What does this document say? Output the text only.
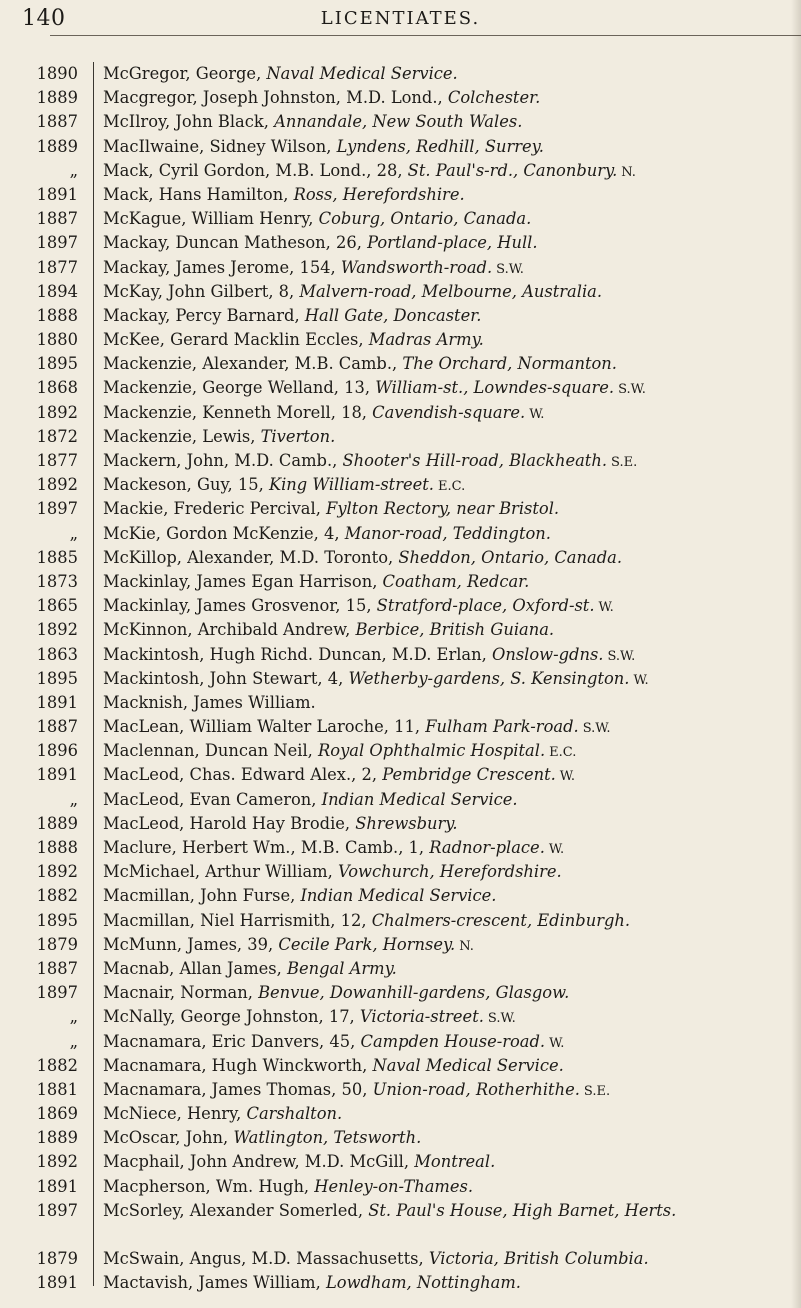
140	LICENTIATES.
1890 McGregor, George, Naval Medical Service.
1889 Macgregor, Joseph Johnston, M.D. Lond., Colchester.
1887 McIlroy, John Black, Annandale, New South Wales.
1889 MacIlwaine, Sidney Wilson, Lyndens, Redhill, Surrey.
„ Mack, Cyril Gordon, M.B. Lond., 28, St. Paul's-rd., Canonbury. N.
1891 Mack, Hans Hamilton, Ross, Herefordshire.
1887 McKague, William Henry, Coburg, Ontario, Canada.
1897 Mackay, Duncan Matheson, 26, Portland-place, Hull.
1877 Mackay, James Jerome, 154, Wandsworth-road. S.W.
1894 McKay, John Gilbert, 8, Malvern-road, Melbourne, Australia.
1888 Mackay, Percy Barnard, Hall Gate, Doncaster.
1880 McKee, Gerard Macklin Eccles, Madras Army.
1895 Mackenzie, Alexander, M.B. Camb., The Orchard, Normanton.
1868 Mackenzie, George Welland, 13, William-st., Lowndes-square. S.W.
1892 Mackenzie, Kenneth Morell, 18, Cavendish-square. W.
1872 Mackenzie, Lewis, Tiverton.
1877 Mackern, John, M.D. Camb., Shooter's Hill-road, Blackheath. S.E.
1892 Mackeson, Guy, 15, King William-street. E.C.
1897 Mackie, Frederic Percival, Fylton Rectory, near Bristol.
„ McKie, Gordon McKenzie, 4, Manor-road, Teddington.
1885 McKillop, Alexander, M.D. Toronto, Sheddon, Ontario, Canada.
1873 Mackinlay, James Egan Harrison, Coatham, Redcar.
1865 Mackinlay, James Grosvenor, 15, Stratford-place, Oxford-st. W.
1892 McKinnon, Archibald Andrew, Berbice, British Guiana.
1863 Mackintosh, Hugh Richd. Duncan, M.D. Erlan, Onslow-gdns. S.W.
1895 Mackintosh, John Stewart, 4, Wetherby-gardens, S. Kensington. W.
1891 Macknish, James William.
1887 MacLean, William Walter Laroche, 11, Fulham Park-road. S.W.
1896 Maclennan, Duncan Neil, Royal Ophthalmic Hospital. E.C.
1891 MacLeod, Chas. Edward Alex., 2, Pembridge Crescent. W.
„ MacLeod, Evan Cameron, Indian Medical Service.
1889 MacLeod, Harold Hay Brodie, Shrewsbury.
1888 Maclure, Herbert Wm., M.B. Camb., 1, Radnor-place. W.
1892 McMichael, Arthur William, Vowchurch, Herefordshire.
1882 Macmillan, John Furse, Indian Medical Service.
1895 Macmillan, Niel Harrismith, 12, Chalmers-crescent, Edinburgh.
1879 McMunn, James, 39, Cecile Park, Hornsey. N.
1887 Macnab, Allan James, Bengal Army.
1897 Macnair, Norman, Benvue, Dowanhill-gardens, Glasgow.
„ McNally, George Johnston, 17, Victoria-street. S.W.
„ Macnamara, Eric Danvers, 45, Campden House-road. W.
1882 Macnamara, Hugh Winckworth, Naval Medical Service.
1881 Macnamara, James Thomas, 50, Union-road, Rotherhithe. S.E.
1869 McNiece, Henry, Carshalton.
1889 McOscar, John, Watlington, Tetsworth.
1892 Macphail, John Andrew, M.D. McGill, Montreal.
1891 Macpherson, Wm. Hugh, Henley-on-Thames.
1897 McSorley, Alexander Somerled, St. Paul's House, High Barnet, Herts.
1879 McSwain, Angus, M.D. Massachusetts, Victoria, British Columbia.
1891 Mactavish, James William, Lowdham, Nottingham.
